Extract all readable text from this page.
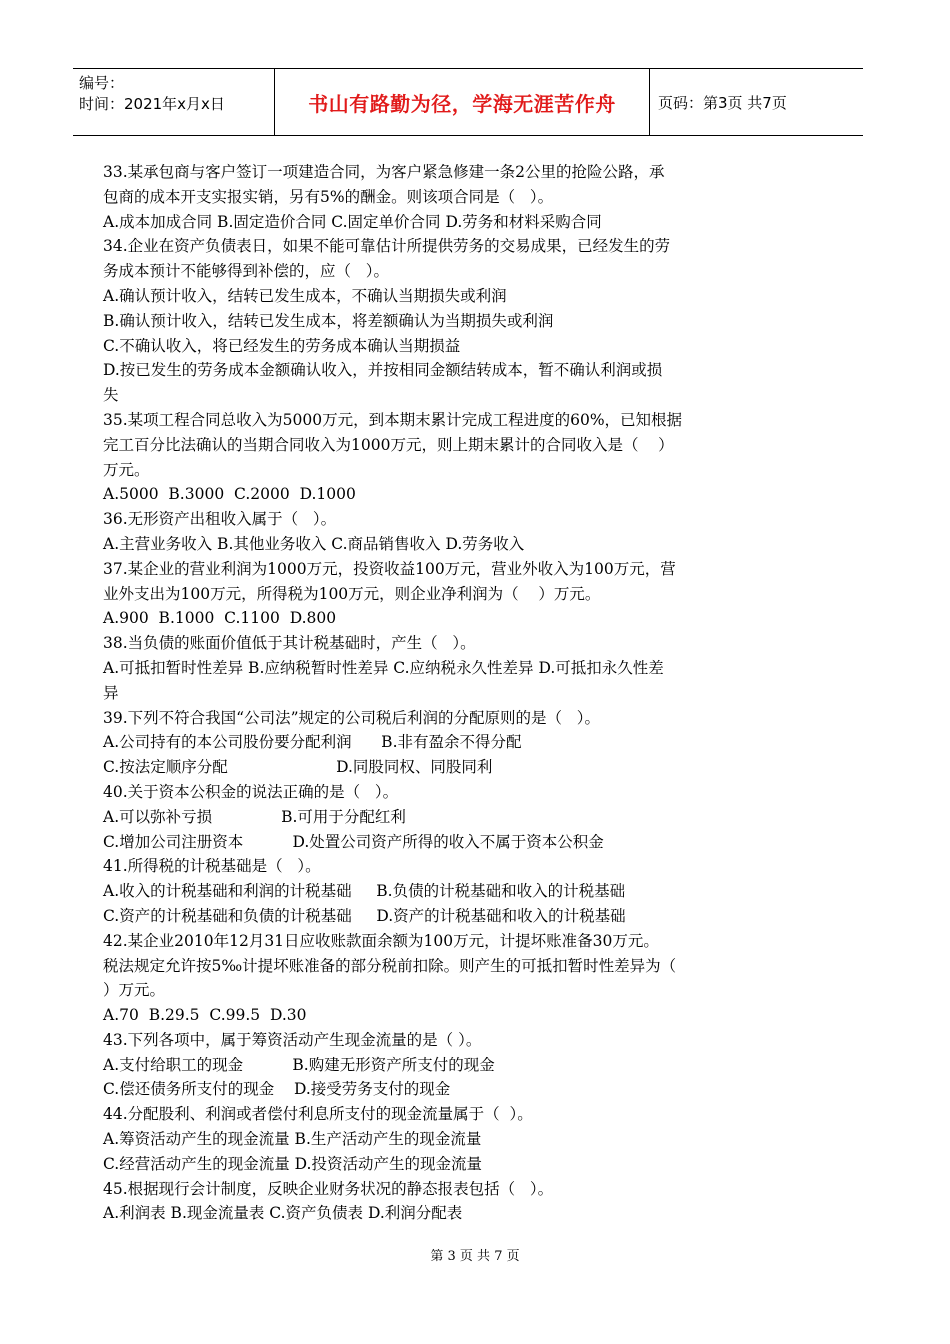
编号：
时间：2021年x月x日	书山有路勤为径，学海无涯苦作舟	页码：第3页 共7页
33.某承包商与客户签订一项建造合同，为客户紧急修建一条2公里的抢险公路，承
包商的成本开支实报实销，另有5%的酬金。则该项合同是（   ）。
A.成本加成合同 B.固定造价合同 C.固定单价合同 D.劳务和材料采购合同
34.企业在资产负债表日，如果不能可靠估计所提供劳务的交易成果，已经发生的劳
务成本预计不能够得到补偿的，应（   ）。
A.确认预计收入，结转已发生成本，不确认当期损失或利润
B.确认预计收入，结转已发生成本，将差额确认为当期损失或利润
C.不确认收入，将已经发生的劳务成本确认当期损益
D.按已发生的劳务成本金额确认收入，并按相同金额结转成本，暂不确认利润或损
失
35.某项工程合同总收入为5000万元，到本期末累计完成工程进度的60%，已知根据
完工百分比法确认的当期合同收入为1000万元，则上期末累计的合同收入是（    ）
万元。
A.5000  B.3000  C.2000  D.1000
36.无形资产出租收入属于（   ）。
A.主营业务收入 B.其他业务收入 C.商品销售收入 D.劳务收入
37.某企业的营业利润为1000万元，投资收益100万元，营业外收入为100万元，营
业外支出为100万元，所得税为100万元，则企业净利润为（    ）万元。
A.900  B.1000  C.1100  D.800
38.当负债的账面价值低于其计税基础时，产生（   ）。
A.可抵扣暂时性差异 B.应纳税暂时性差异 C.应纳税永久性差异 D.可抵扣永久性差
异
39.下列不符合我国“公司法”规定的公司税后利润的分配原则的是（   ）。
A.公司持有的本公司股份要分配利润      B.非有盈余不得分配
C.按法定顺序分配                      D.同股同权、同股同利
40.关于资本公积金的说法正确的是（   ）。
A.可以弥补亏损              B.可用于分配红利
C.增加公司注册资本          D.处置公司资产所得的收入不属于资本公积金
41.所得税的计税基础是（   ）。
A.收入的计税基础和利润的计税基础     B.负债的计税基础和收入的计税基础
C.资产的计税基础和负债的计税基础     D.资产的计税基础和收入的计税基础
42.某企业2010年12月31日应收账款面余额为100万元，计提坏账准备30万元。
税法规定允许按5‰计提坏账准备的部分税前扣除。则产生的可抵扣暂时性差异为（
）万元。
A.70  B.29.5  C.99.5  D.30
43.下列各项中，属于筹资活动产生现金流量的是（ ）。
A.支付给职工的现金          B.购建无形资产所支付的现金
C.偿还债务所支付的现金    D.接受劳务支付的现金
44.分配股利、利润或者偿付利息所支付的现金流量属于（  ）。
A.筹资活动产生的现金流量 B.生产活动产生的现金流量
C.经营活动产生的现金流量 D.投资活动产生的现金流量
45.根据现行会计制度，反映企业财务状况的静态报表包括（   ）。
A.利润表 B.现金流量表 C.资产负债表 D.利润分配表
第 3 页 共 7 页
